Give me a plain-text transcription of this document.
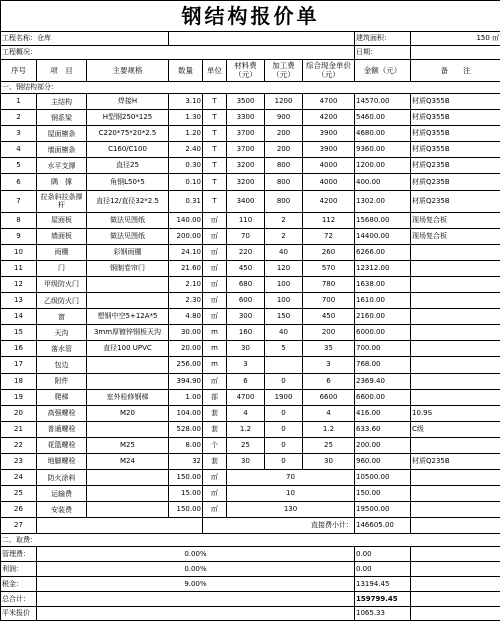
钢结构报价单									
工程名称：仓库								建筑面积：	150 ㎡
工程概况：								日期：	
序号	项　目	主要规格	数量	单位	材料费（元）	加工费（元）	综合现金单价（元）	金额（元）	备　　注
一、钢结构部分：									
1	主结构	焊接H	3.10	T	3500	1200	4700	14570.00	材质Q355B
2	钢系梁	H型钢250*125	1.30	T	3300	900	4200	5460.00	材质Q355B
3	屋面檩条	C220*75*20*2.5	1.20	T	3700	200	3900	4680.00	材质Q355B
4	墙面檩条	C160/C100	2.40	T	3700	200	3900	9360.00	材质Q355B
5	水平支撑	直径25	0.30	T	3200	800	4000	1200.00	材质Q235B
6	隅　撑	角钢L50*5	0.10	T	3200	800	4000	400.00	材质Q235B
7	拉条斜拉条撑杆	直径12/直径32*2.5	0.31	T	3400	800	4200	1302.00	材质Q235B
8	屋面板	做法见图纸	140.00	㎡	110	2	112	15680.00	现场复合板
9	墙面板	做法见图纸	200.00	㎡	70	2	72	14400.00	现场复合板
10	雨棚	彩钢雨棚	24.10	㎡	220	40	260	6266.00	
11	门	钢制卷帘门	21.60	㎡	450	120	570	12312.00	
12	甲级防火门		2.10	㎡	680	100	780	1638.00	
13	乙级防火门		2.30	㎡	600	100	700	1610.00	
14	窗	塑钢中空5+12A*5	4.80	㎡	300	150	450	2160.00	
15	天沟	3mm厚镀锌钢板天沟	30.00	m	160	40	200	6000.00	
16	落水管	直径100 UPVC	20.00	m	30	5	35	700.00	
17	包边		256.00	m	3		3	768.00	
18	附件		394.90	㎡	6	0	6	2369.40	
19	爬梯	室外检修钢梯	1.00	部	4700	1900	6600	6600.00	
20	高强螺栓	M20	104.00	套	4	0	4	416.00	10.9S
21	普通螺栓		528.00	套	1.2	0	1.2	633.60	C级
22	花篮螺栓	M25	8.00	个	25	0	25	200.00	
23	地脚螺栓	M24	32	套	30	0	30	960.00	材质Q235B
24	防火涂料		150.00	㎡	70			10500.00	
25	运输费		15.00	㎡	10			150.00	
26	安装费		150.00	㎡	130			19500.00	
27				直接费小计：				146605.00	
二、取费：									
管理费：	0.00%							0.00	
利润：	0.00%							0.00	
税金：	9.00%							13194.45	
总合计：								159799.45	
平米报价								1065.33	
